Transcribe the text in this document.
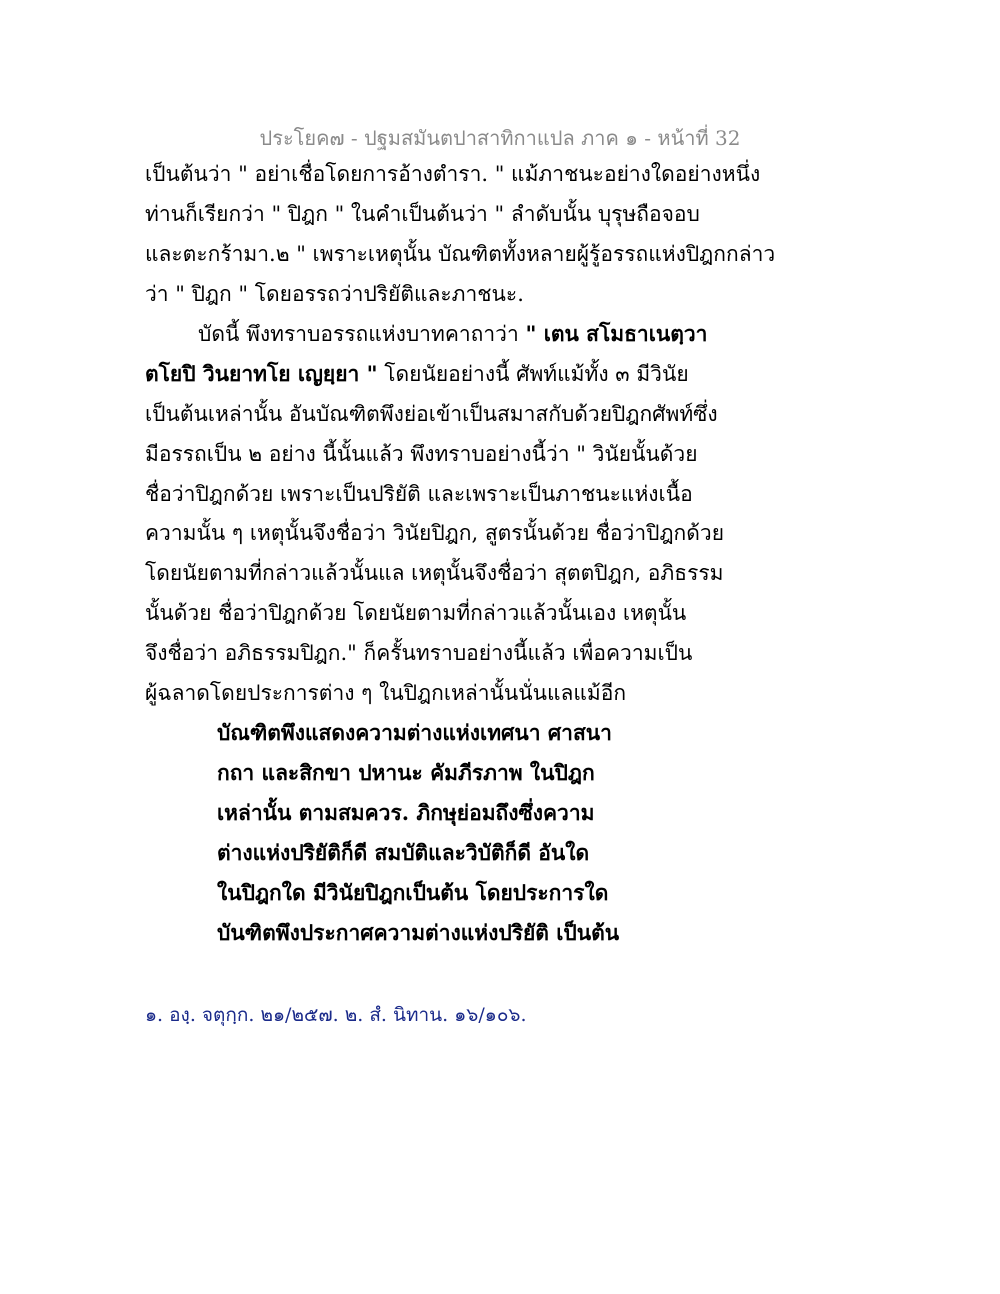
ประโยค๗ - ปฐมสมันตปาสาทิกาแปล ภาค ๑ - หน้าที่ 32
เป็นต้นว่า " อย่าเชื่อโดยการอ้างตำรา. " แม้ภาชนะอย่างใดอย่างหนึ่ง
ท่านก็เรียกว่า " ปิฎก " ในคำเป็นต้นว่า " ลำดับนั้น บุรุษถือจอบ
และตะกร้ามา.๒ " เพราะเหตุนั้น บัณฑิตทั้งหลายผู้รู้อรรถแห่งปิฎกกล่าว
ว่า " ปิฎก " โดยอรรถว่าปริยัติและภาชนะ.
บัดนี้ พึงทราบอรรถแห่งบาทคาถาว่า " เตน สโมธาเนตฺวา
ตโยปิ วินยาทโย เญยฺยา " โดยนัยอย่างนี้ ศัพท์แม้ทั้ง ๓ มีวินัย
เป็นต้นเหล่านั้น อันบัณฑิตพึงย่อเข้าเป็นสมาสกับด้วยปิฎกศัพท์ซึ่ง
มีอรรถเป็น ๒ อย่าง นี้นั้นแล้ว พึงทราบอย่างนี้ว่า " วินัยนั้นด้วย
ชื่อว่าปิฎกด้วย เพราะเป็นปริยัติ และเพราะเป็นภาชนะแห่งเนื้อ
ความนั้น ๆ เหตุนั้นจึงชื่อว่า วินัยปิฎก, สูตรนั้นด้วย ชื่อว่าปิฎกด้วย
โดยนัยตามที่กล่าวแล้วนั้นแล เหตุนั้นจึงชื่อว่า สุตตปิฎก, อภิธรรม
นั้นด้วย ชื่อว่าปิฎกด้วย โดยนัยตามที่กล่าวแล้วนั้นเอง เหตุนั้น
จึงชื่อว่า อภิธรรมปิฎก." ก็ครั้นทราบอย่างนี้แล้ว เพื่อความเป็น
ผู้ฉลาดโดยประการต่าง ๆ ในปิฎกเหล่านั้นนั่นแลแม้อีก
บัณฑิตพึงแสดงความต่างแห่งเทศนา ศาสนา
กถา และสิกขา ปหานะ คัมภีรภาพ ในปิฎก
เหล่านั้น ตามสมควร. ภิกษุย่อมถึงซึ่งความ
ต่างแห่งปริยัติก็ดี สมบัติและวิบัติก็ดี อันใด
ในปิฎกใด มีวินัยปิฎกเป็นต้น โดยประการใด
บันฑิตพึงประกาศความต่างแห่งปริยัติ เป็นต้น
๑. องฺ. จตุกฺก. ๒๑/๒๕๗. ๒. สํ. นิทาน. ๑๖/๑๐๖.
